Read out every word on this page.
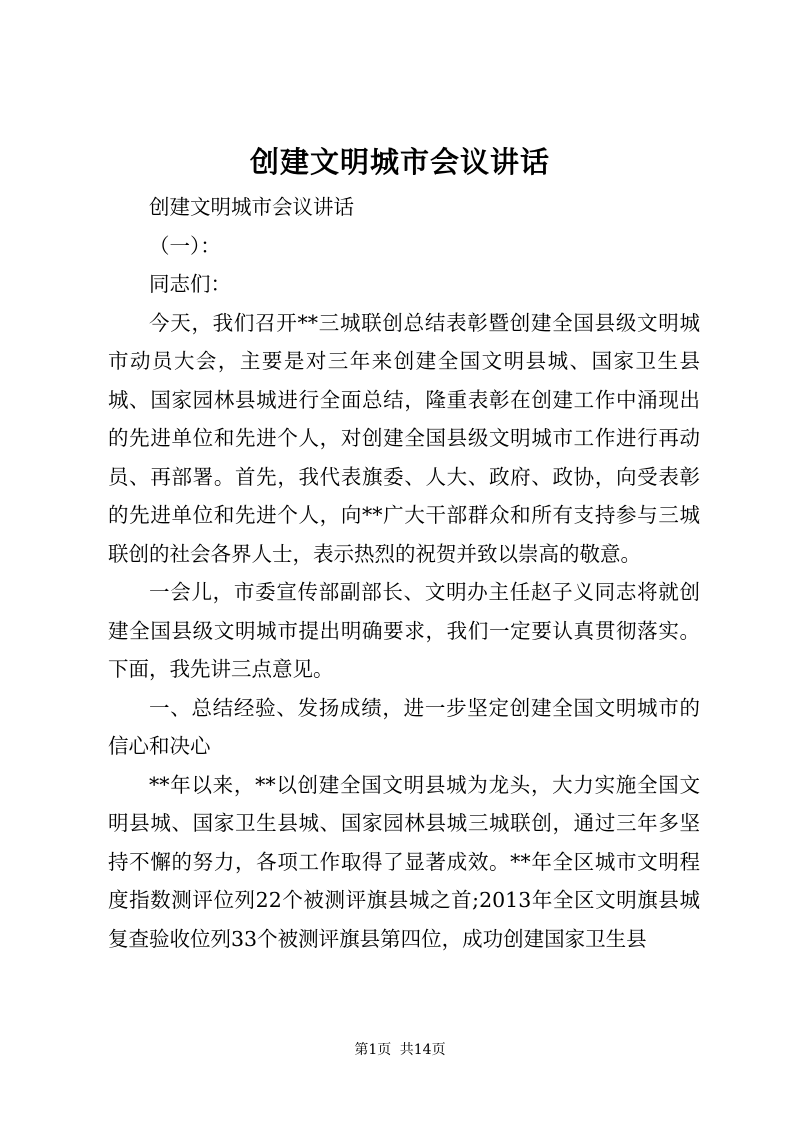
创建文明城市会议讲话

创建文明城市会议讲话

（一）：

同志们：

今天，我们召开**三城联创总结表彰暨创建全国县级文明城市动员大会，主要是对三年来创建全国文明县城、国家卫生县城、国家园林县城进行全面总结，隆重表彰在创建工作中涌现出的先进单位和先进个人，对创建全国县级文明城市工作进行再动员、再部署。首先，我代表旗委、人大、政府、政协，向受表彰的先进单位和先进个人，向**广大干部群众和所有支持参与三城联创的社会各界人士，表示热烈的祝贺并致以崇高的敬意。

一会儿，市委宣传部副部长、文明办主任赵子义同志将就创建全国县级文明城市提出明确要求，我们一定要认真贯彻落实。下面，我先讲三点意见。

一、总结经验、发扬成绩，进一步坚定创建全国文明城市的信心和决心

**年以来，**以创建全国文明县城为龙头，大力实施全国文明县城、国家卫生县城、国家园林县城三城联创，通过三年多坚持不懈的努力，各项工作取得了显著成效。**年全区城市文明程度指数测评位列22个被测评旗县城之首;2013年全区文明旗县城复查验收位列33个被测评旗县第四位，成功创建国家卫生县

第1页 共14页
